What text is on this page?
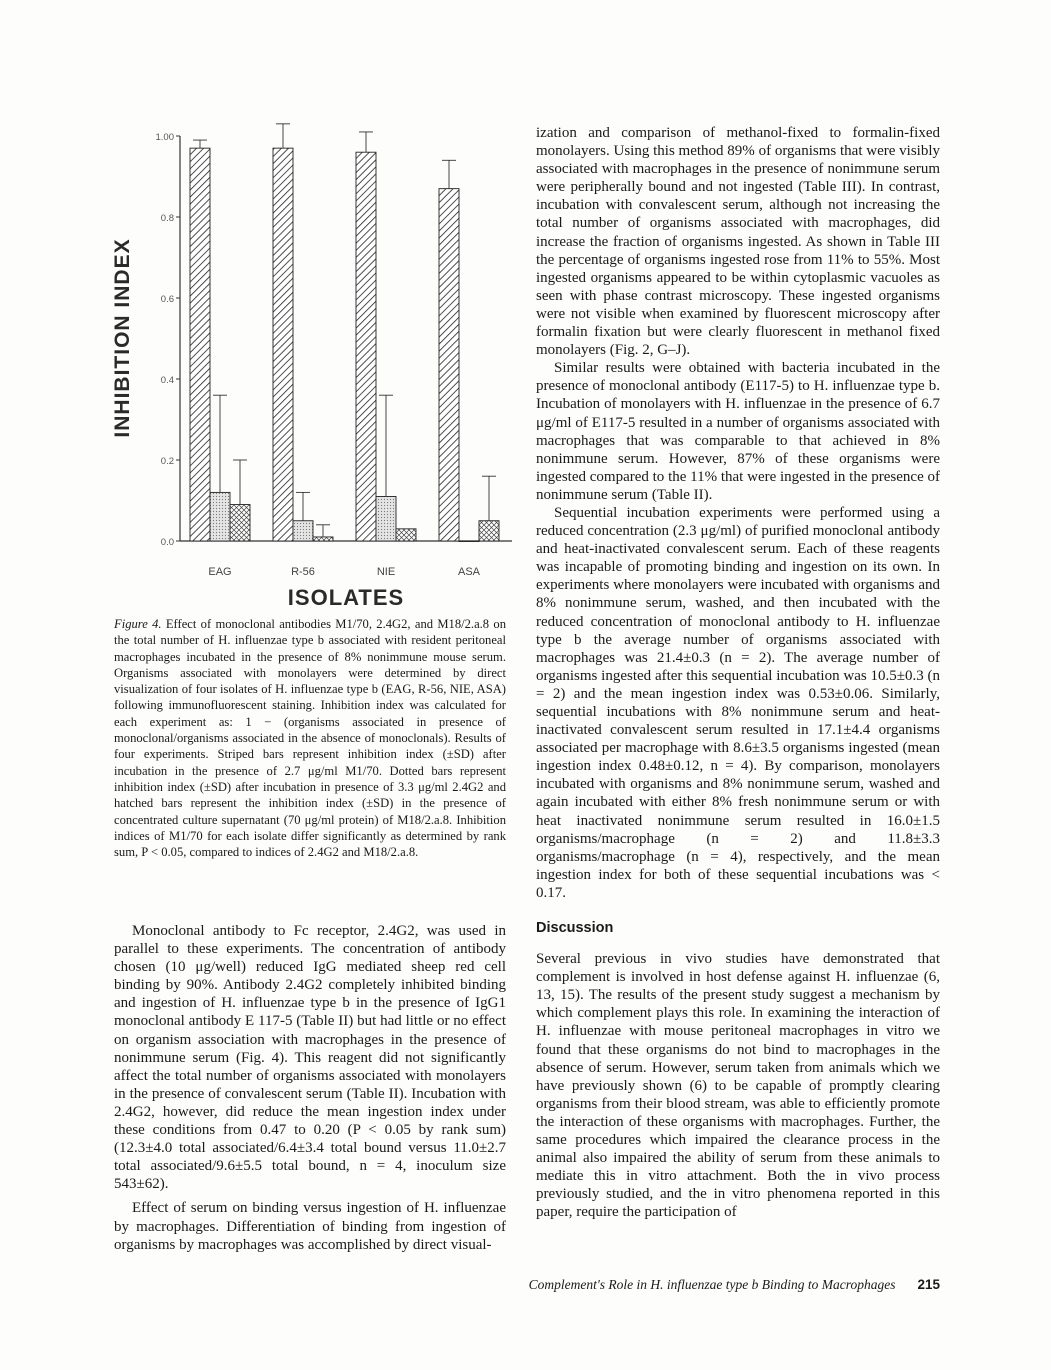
0.0
0.2
0.4
0.6
0.8
1.00
EAG	R-56	NIE	ASA
INHIBITION INDEX
ISOLATES
Figure 4. Effect of monoclonal antibodies M1/70, 2.4G2, and M18/2.a.8 on the total number of H. influenzae type b associated with resident peritoneal macrophages incubated in the presence of 8% nonimmune mouse serum. Organisms associated with monolayers were determined by direct visualization of four isolates of H. influenzae type b (EAG, R-56, NIE, ASA) following immunofluorescent staining. Inhibition index was calculated for each experiment as: 1 − (organisms associated in presence of monoclonal/organisms associated in the absence of monoclonals). Results of four experiments. Striped bars represent inhibition index (±SD) after incubation in the presence of 2.7 μg/ml M1/70. Dotted bars represent inhibition index (±SD) after incubation in presence of 3.3 μg/ml 2.4G2 and hatched bars represent the inhibition index (±SD) in the presence of concentrated culture supernatant (70 μg/ml protein) of M18/2.a.8. Inhibition indices of M1/70 for each isolate differ significantly as determined by rank sum, P < 0.05, compared to indices of 2.4G2 and M18/2.a.8.

Monoclonal antibody to Fc receptor, 2.4G2, was used in parallel to these experiments. The concentration of antibody chosen (10 μg/well) reduced IgG mediated sheep red cell binding by 90%. Antibody 2.4G2 completely inhibited binding and ingestion of H. influenzae type b in the presence of IgG1 monoclonal antibody E 117-5 (Table II) but had little or no effect on organism association with macrophages in the presence of nonimmune serum (Fig. 4). This reagent did not significantly affect the total number of organisms associated with monolayers in the presence of convalescent serum (Table II). Incubation with 2.4G2, however, did reduce the mean ingestion index under these conditions from 0.47 to 0.20 (P < 0.05 by rank sum) (12.3±4.0 total associated/6.4±3.4 total bound versus 11.0±2.7 total associated/9.6±5.5 total bound, n = 4, inoculum size 543±62).

Effect of serum on binding versus ingestion of H. influenzae by macrophages. Differentiation of binding from ingestion of organisms by macrophages was accomplished by direct visual-

ization and comparison of methanol-fixed to formalin-fixed monolayers. Using this method 89% of organisms that were visibly associated with macrophages in the presence of nonimmune serum were peripherally bound and not ingested (Table III). In contrast, incubation with convalescent serum, although not increasing the total number of organisms associated with macrophages, did increase the fraction of organisms ingested. As shown in Table III the percentage of organisms ingested rose from 11% to 55%. Most ingested organisms appeared to be within cytoplasmic vacuoles as seen with phase contrast microscopy. These ingested organisms were not visible when examined by fluorescent microscopy after formalin fixation but were clearly fluorescent in methanol fixed monolayers (Fig. 2, G–J).

Similar results were obtained with bacteria incubated in the presence of monoclonal antibody (E117-5) to H. influenzae type b. Incubation of monolayers with H. influenzae in the presence of 6.7 μg/ml of E117-5 resulted in a number of organisms associated with macrophages that was comparable to that achieved in 8% nonimmune serum. However, 87% of these organisms were ingested compared to the 11% that were ingested in the presence of nonimmune serum (Table II).

Sequential incubation experiments were performed using a reduced concentration (2.3 μg/ml) of purified monoclonal antibody and heat-inactivated convalescent serum. Each of these reagents was incapable of promoting binding and ingestion on its own. In experiments where monolayers were incubated with organisms and 8% nonimmune serum, washed, and then incubated with the reduced concentration of monoclonal antibody to H. influenzae type b the average number of organisms associated with macrophages was 21.4±0.3 (n = 2). The average number of organisms ingested after this sequential incubation was 10.5±0.3 (n = 2) and the mean ingestion index was 0.53±0.06. Similarly, sequential incubations with 8% nonimmune serum and heat-inactivated convalescent serum resulted in 17.1±4.4 organisms associated per macrophage with 8.6±3.5 organisms ingested (mean ingestion index 0.48±0.12, n = 4). By comparison, monolayers incubated with organisms and 8% nonimmune serum, washed and again incubated with either 8% fresh nonimmune serum or with heat inactivated nonimmune serum resulted in 16.0±1.5 organisms/macrophage (n = 2) and 11.8±3.3 organisms/macrophage (n = 4), respectively, and the mean ingestion index for both of these sequential incubations was < 0.17.

Discussion

Several previous in vivo studies have demonstrated that complement is involved in host defense against H. influenzae (6, 13, 15). The results of the present study suggest a mechanism by which complement plays this role. In examining the interaction of H. influenzae with mouse peritoneal macrophages in vitro we found that these organisms do not bind to macrophages in the absence of serum. However, serum taken from animals which we have previously shown (6) to be capable of promptly clearing organisms from their blood stream, was able to efficiently promote the interaction of these organisms with macrophages. Further, the same procedures which impaired the clearance process in the animal also impaired the ability of serum from these animals to mediate this in vitro attachment. Both the in vivo process previously studied, and the in vitro phenomena reported in this paper, require the participation of

Complement's Role in H. influenzae type b Binding to Macrophages 215
